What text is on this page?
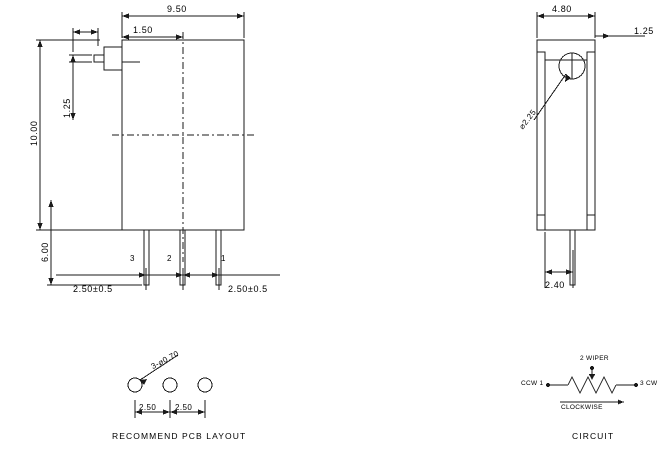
9.50
1.50
10.00
1.25
6.00	3	2	1
2.50±0.5	2.50±0.5
4.80
1.25
⌀2.25
2.40
3-⌀0.70
2.50 2.50
RECOMMEND PCB LAYOUT
2 WIPER
CCW 1	3 CW
CLOCKWISE
CIRCUIT
